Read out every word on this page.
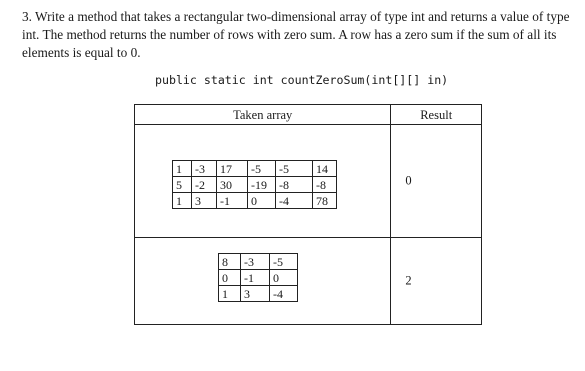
3. Write a method that takes a rectangular two-dimensional array of type int and returns a value of type int. The method returns the number of rows with zero sum. A row has a zero sum if the sum of all its elements is equal to 0.

public static int countZeroSum(int[][] in)

Taken array	Result

1	-3	17	-5	-5	14
5	-2	30	-19	-8	-8
1	3	-1	0	-4	78

0

8	-3	-5
0	-1	0
1	3	-4

2
